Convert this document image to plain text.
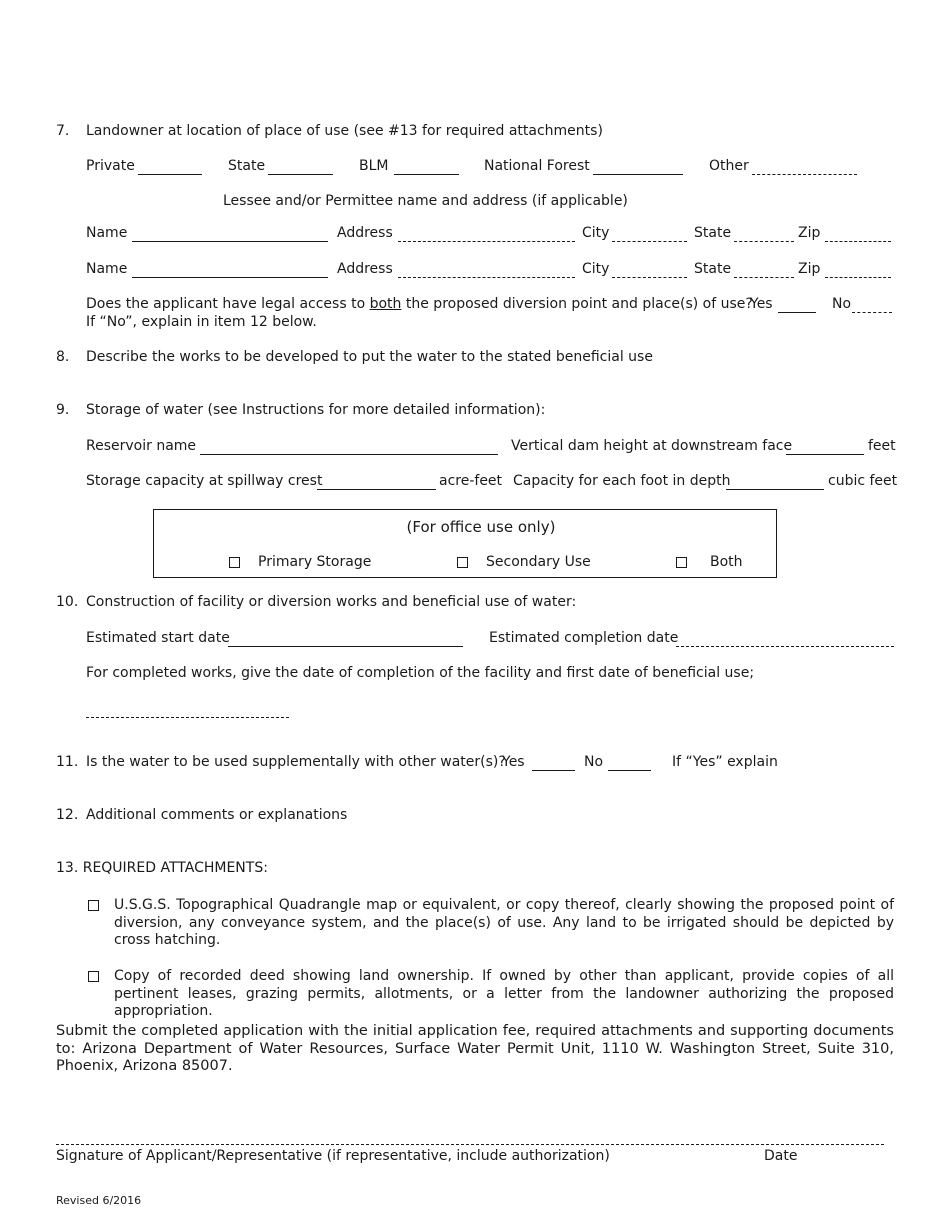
7. Landowner at location of place of use (see #13 for required attachments)
Private	State	BLM	National Forest	Other
Lessee and/or Permittee name and address (if applicable)
Name	Address	City	State	Zip
Name	Address	City	State	Zip
Does the applicant have legal access to both the proposed diversion point and place(s) of use?
Yes	No
If “No”, explain in item 12 below.
8. Describe the works to be developed to put the water to the stated beneficial use
9. Storage of water (see Instructions for more detailed information):
Reservoir name	Vertical dam height at downstream face	feet
Storage capacity at spillway crest	acre-feet Capacity for each foot in depth	cubic feet
(For office use only)
Primary Storage	Secondary Use	Both
10. Construction of facility or diversion works and beneficial use of water:
Estimated start date	Estimated completion date
For completed works, give the date of completion of the facility and first date of beneficial use;
11. Is the water to be used supplementally with other water(s)?
Yes	No	If “Yes” explain
12. Additional comments or explanations
13. REQUIRED ATTACHMENTS:
U.S.G.S. Topographical Quadrangle map or equivalent, or copy thereof, clearly showing the proposed point of diversion, any conveyance system, and the place(s) of use. Any land to be irrigated should be depicted by cross hatching.
Copy of recorded deed showing land ownership. If owned by other than applicant, provide copies of all pertinent leases, grazing permits, allotments, or a letter from the landowner authorizing the proposed appropriation.
Submit the completed application with the initial application fee, required attachments and supporting documents to: Arizona Department of Water Resources, Surface Water Permit Unit, 1110 W. Washington Street, Suite 310, Phoenix, Arizona 85007.
Signature of Applicant/Representative (if representative, include authorization)	Date
Revised 6/2016
